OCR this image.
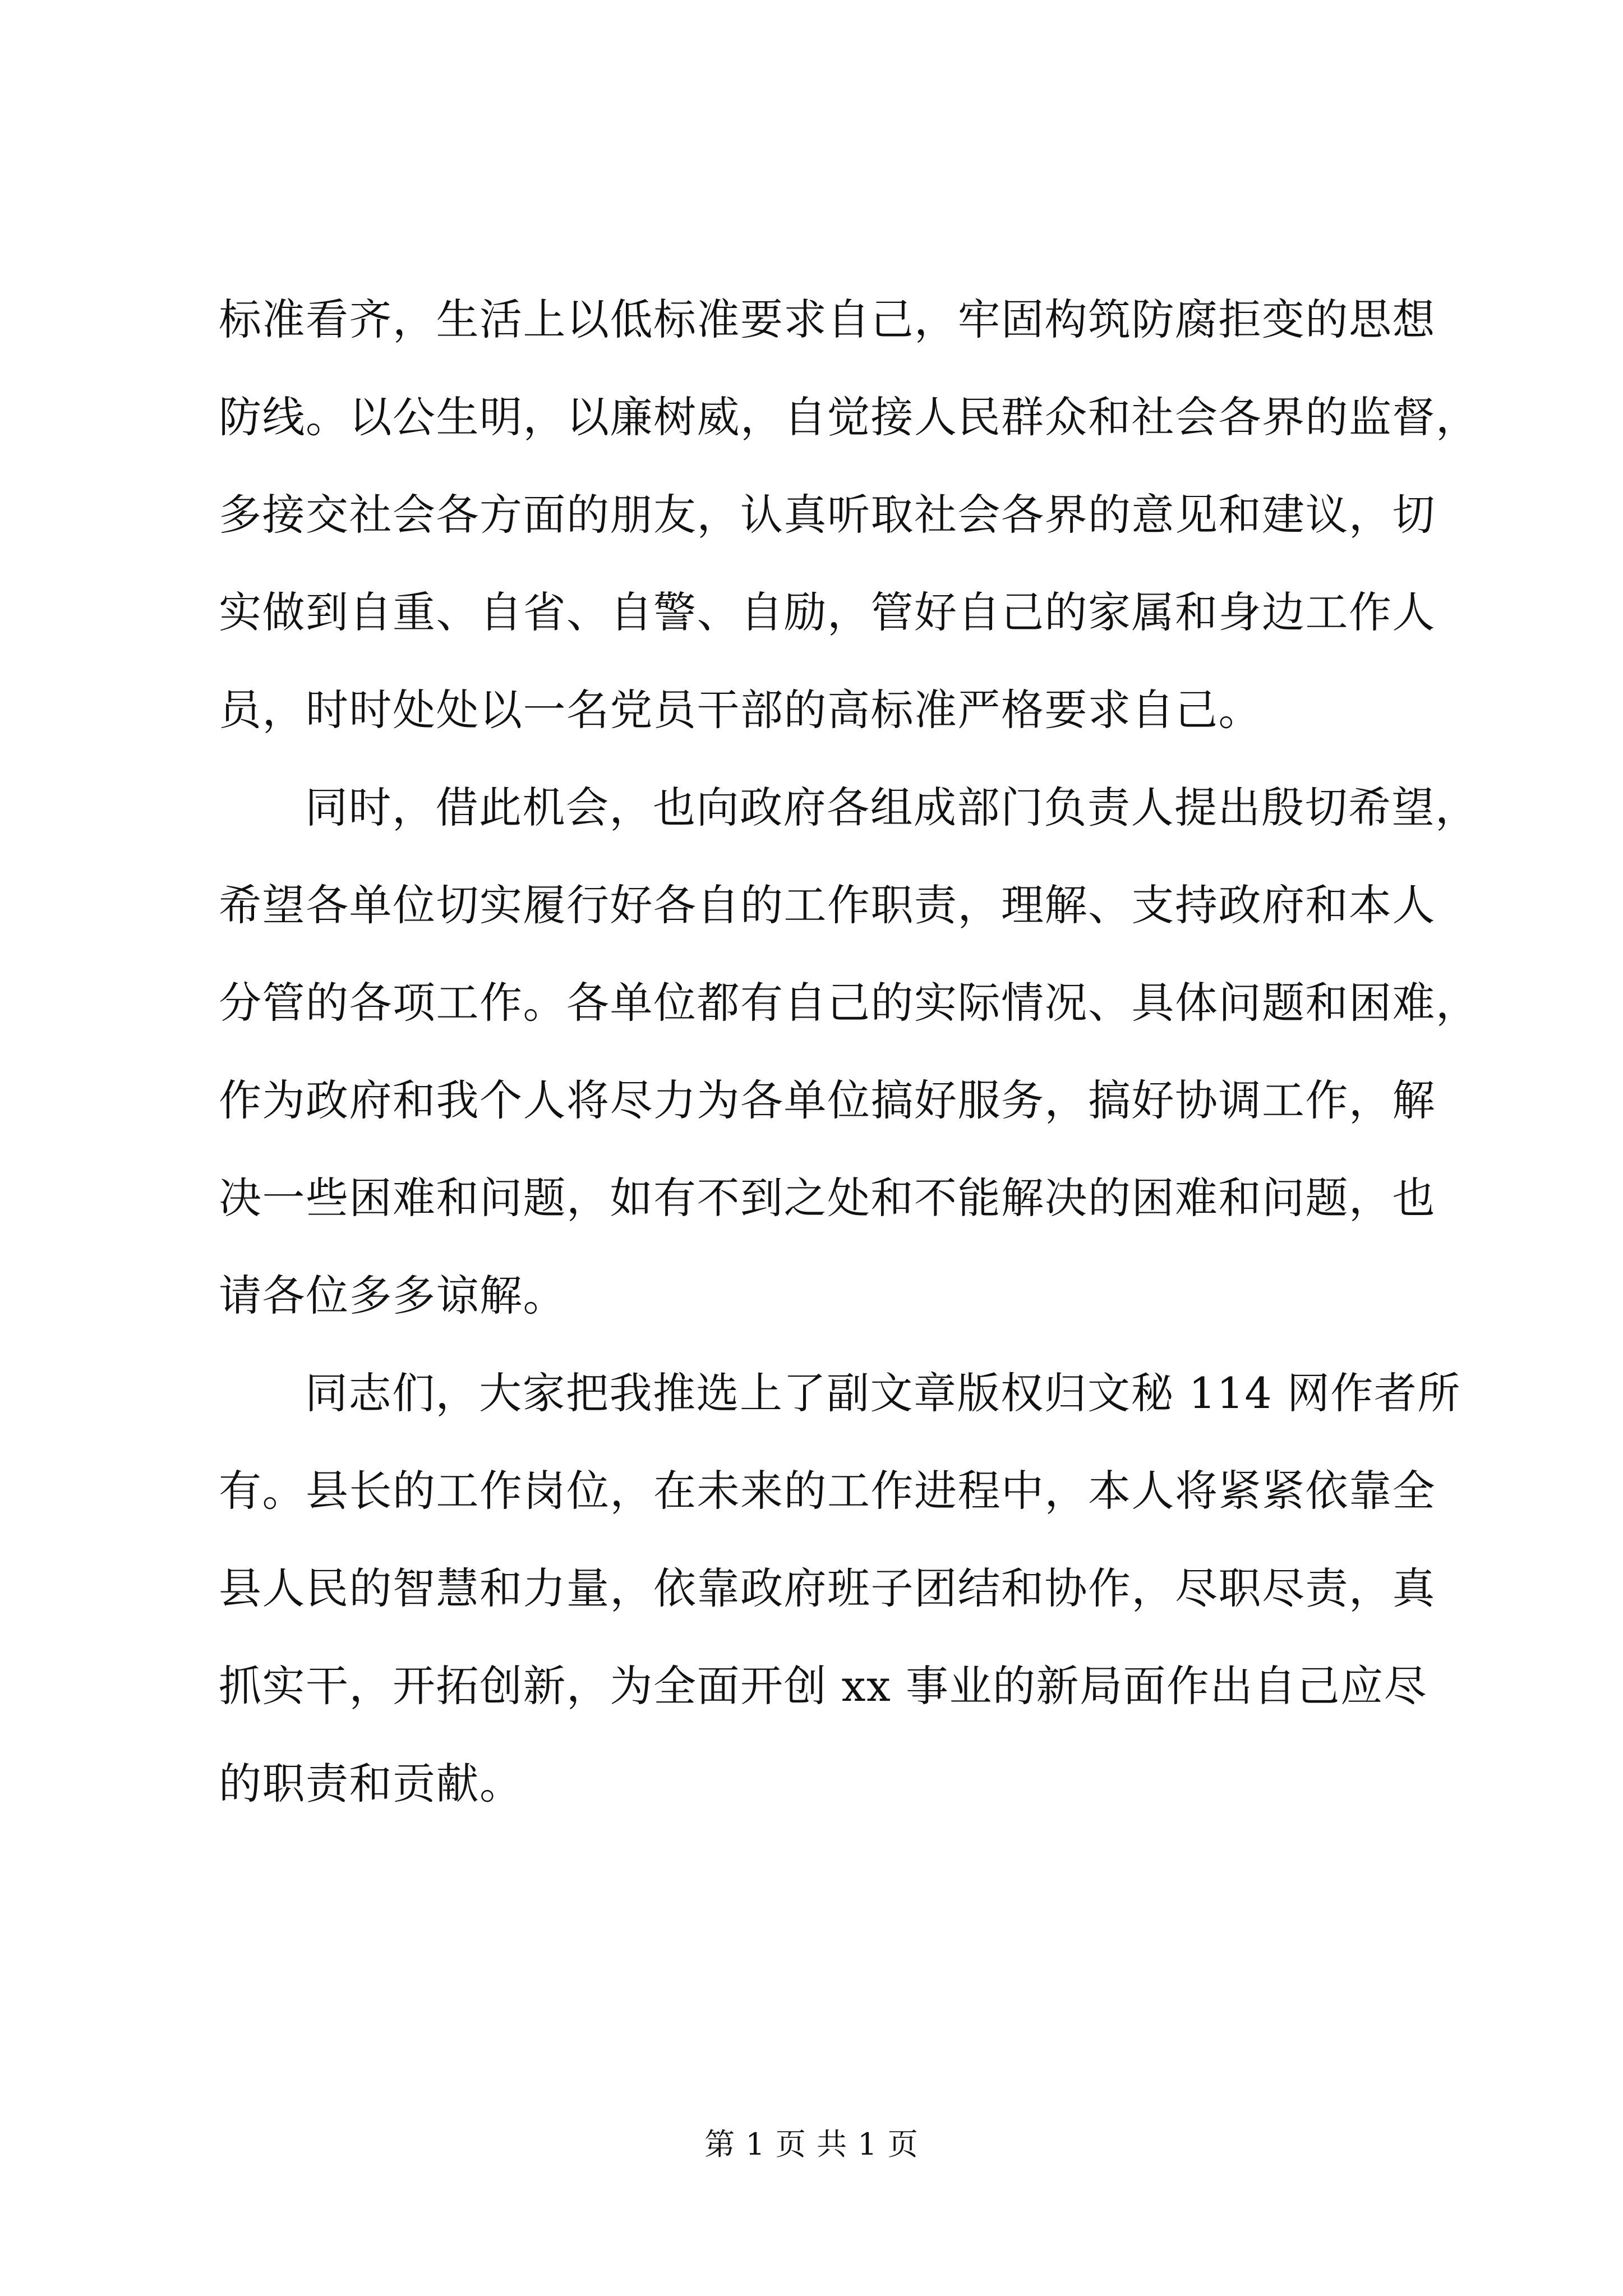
标准看齐，生活上以低标准要求自己，牢固构筑防腐拒变的思想
防线。以公生明，以廉树威，自觉接人民群众和社会各界的监督，
多接交社会各方面的朋友，认真听取社会各界的意见和建议，切
实做到自重、自省、自警、自励，管好自己的家属和身边工作人
员，时时处处以一名党员干部的高标准严格要求自己。
同时，借此机会，也向政府各组成部门负责人提出殷切希望，
希望各单位切实履行好各自的工作职责，理解、支持政府和本人
分管的各项工作。各单位都有自己的实际情况、具体问题和困难，
作为政府和我个人将尽力为各单位搞好服务，搞好协调工作，解
决一些困难和问题，如有不到之处和不能解决的困难和问题，也
请各位多多谅解。
同志们，大家把我推选上了副文章版权归文秘 114 网作者所
有。县长的工作岗位，在未来的工作进程中，本人将紧紧依靠全
县人民的智慧和力量，依靠政府班子团结和协作，尽职尽责，真
抓实干，开拓创新，为全面开创 xx 事业的新局面作出自己应尽
的职责和贡献。
第 1 页 共 1 页
